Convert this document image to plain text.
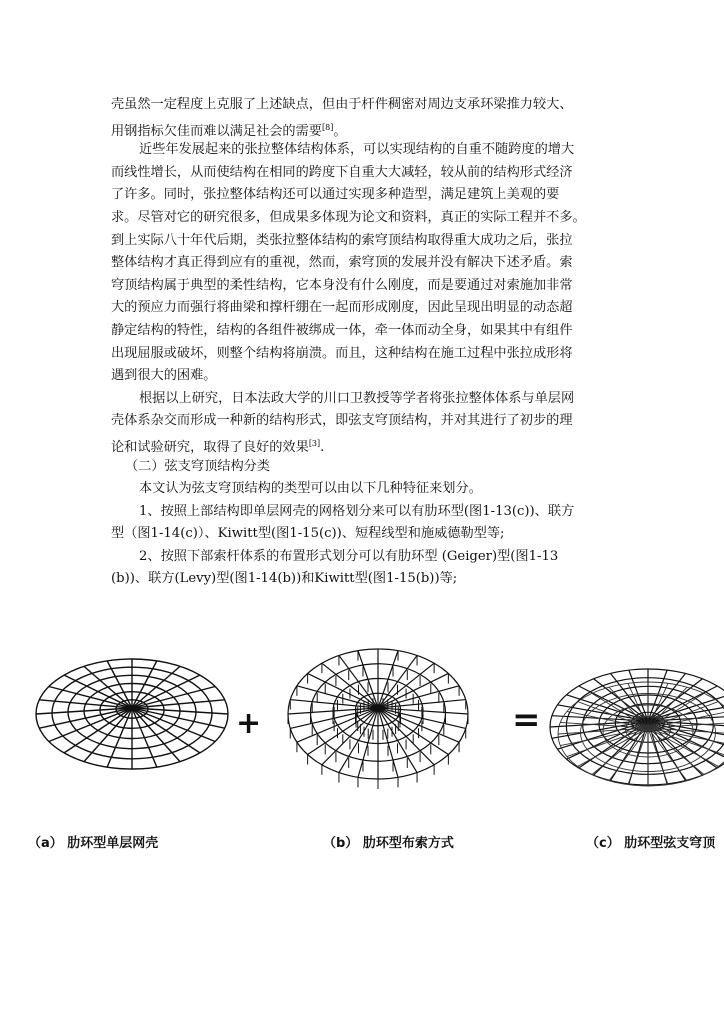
壳虽然一定程度上克服了上述缺点，但由于杆件稠密对周边支承环梁推力较大、
用钢指标欠佳而难以满足社会的需要[8]。
近些年发展起来的张拉整体结构体系，可以实现结构的自重不随跨度的增大
而线性增长，从而使结构在相同的跨度下自重大大减轻，较从前的结构形式经济
了许多。同时，张拉整体结构还可以通过实现多种造型，满足建筑上美观的要
求。尽管对它的研究很多，但成果多体现为论文和资料，真正的实际工程并不多。
到上实际八十年代后期，类张拉整体结构的索穹顶结构取得重大成功之后，张拉
整体结构才真正得到应有的重视，然而，索穹顶的发展并没有解决下述矛盾。索
穹顶结构属于典型的柔性结构，它本身没有什么刚度，而是要通过对索施加非常
大的预应力而强行将曲梁和撑杆绷在一起而形成刚度，因此呈现出明显的动态超
静定结构的特性，结构的各组件被绑成一体，牵一体而动全身，如果其中有组件
出现屈服或破坏，则整个结构将崩溃。而且，这种结构在施工过程中张拉成形将
遇到很大的困难。
根据以上研究，日本法政大学的川口卫教授等学者将张拉整体体系与单层网
壳体系杂交而形成一种新的结构形式，即弦支穹顶结构，并对其进行了初步的理
论和试验研究，取得了良好的效果[3].
（二）弦支穹顶结构分类
本文认为弦支穹顶结构的类型可以由以下几种特征来划分。
1、按照上部结构即单层网壳的网格划分来可以有肋环型(图1-13(c))、联方
型（图1-14(c)）、Kiwitt型(图1-15(c))、短程线型和施威德勒型等;
2、按照下部索杆体系的布置形式划分可以有肋环型 (Geiger)型(图1-13
(b))、联方(Levy)型(图1-14(b))和Kiwitt型(图1-15(b))等;
+	=
（a） 肋环型单层网壳	（b） 肋环型布索方式	（c） 肋环型弦支穹顶
